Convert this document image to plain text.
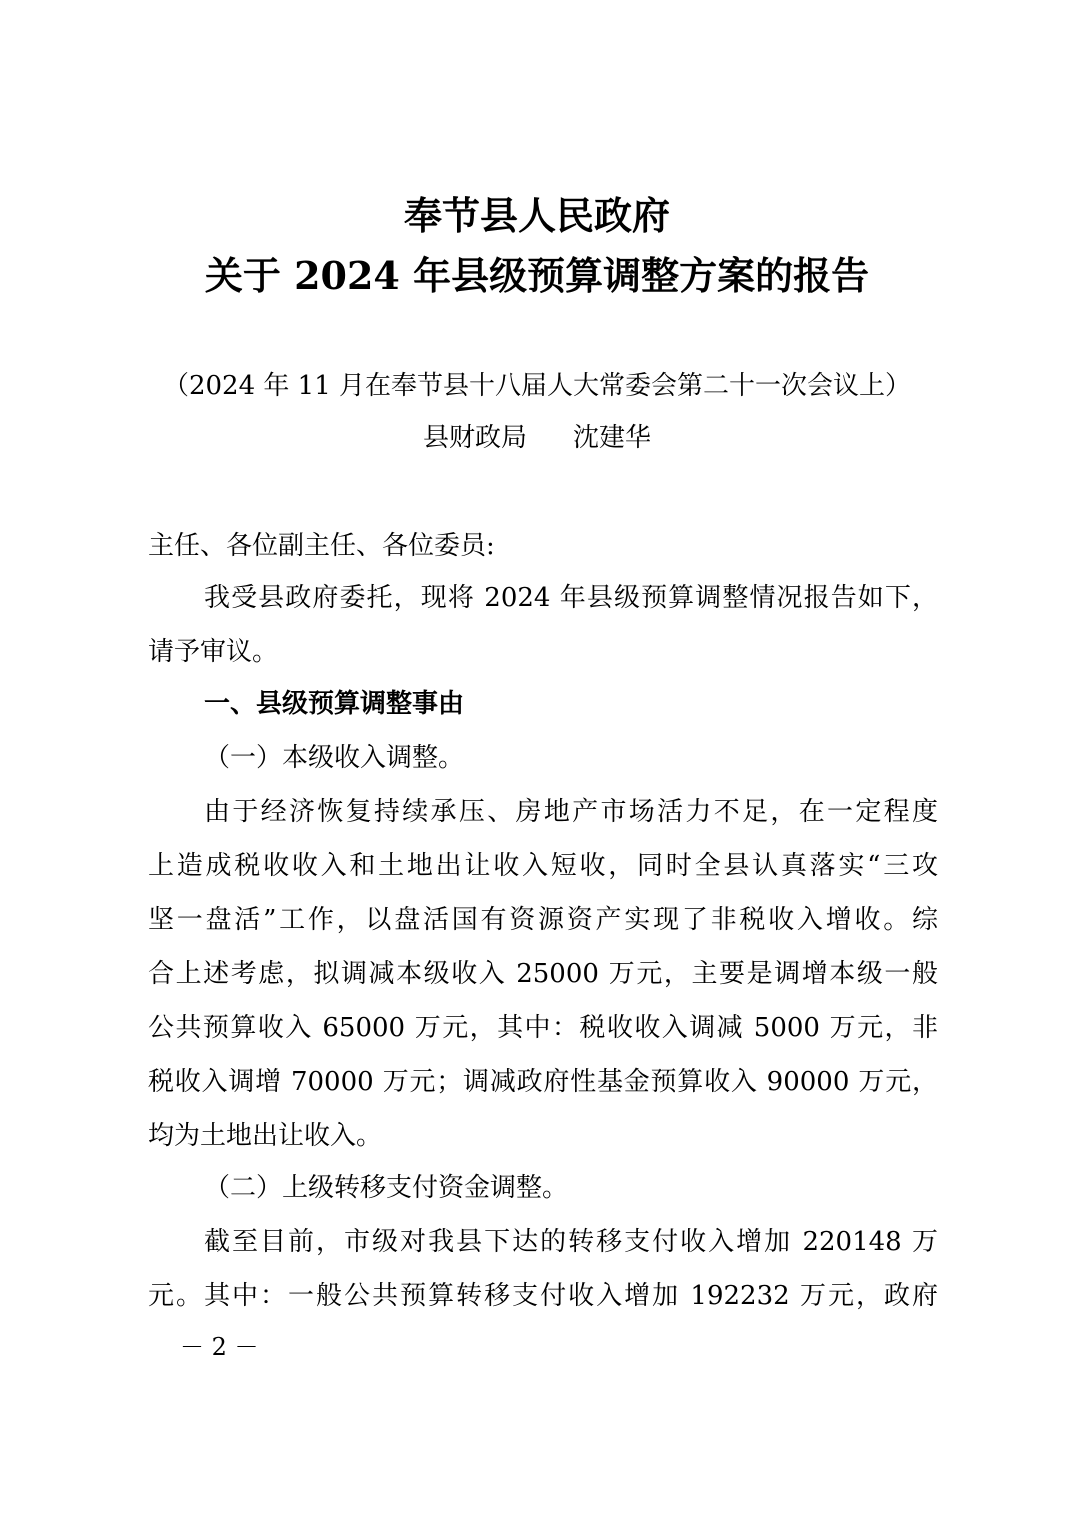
奉节县人民政府
关于 2024 年县级预算调整方案的报告
（2024 年 11 月在奉节县十八届人大常委会第二十一次会议上）
县财政局 沈建华
主任、各位副主任、各位委员:
我受县政府委托，现将 2024 年县级预算调整情况报告如下，
请予审议。
一、县级预算调整事由
（一）本级收入调整。
由于经济恢复持续承压、房地产市场活力不足，在一定程度
上造成税收收入和土地出让收入短收，同时全县认真落实“三攻
坚一盘活”工作，以盘活国有资源资产实现了非税收入增收。综
合上述考虑，拟调减本级收入 25000 万元，主要是调增本级一般
公共预算收入 65000 万元，其中：税收收入调减 5000 万元，非
税收入调增 70000 万元；调减政府性基金预算收入 90000 万元，
均为土地出让收入。
（二）上级转移支付资金调整。
截至目前，市级对我县下达的转移支付收入增加 220148 万
元。其中：一般公共预算转移支付收入增加 192232 万元，政府
－ 2 －
